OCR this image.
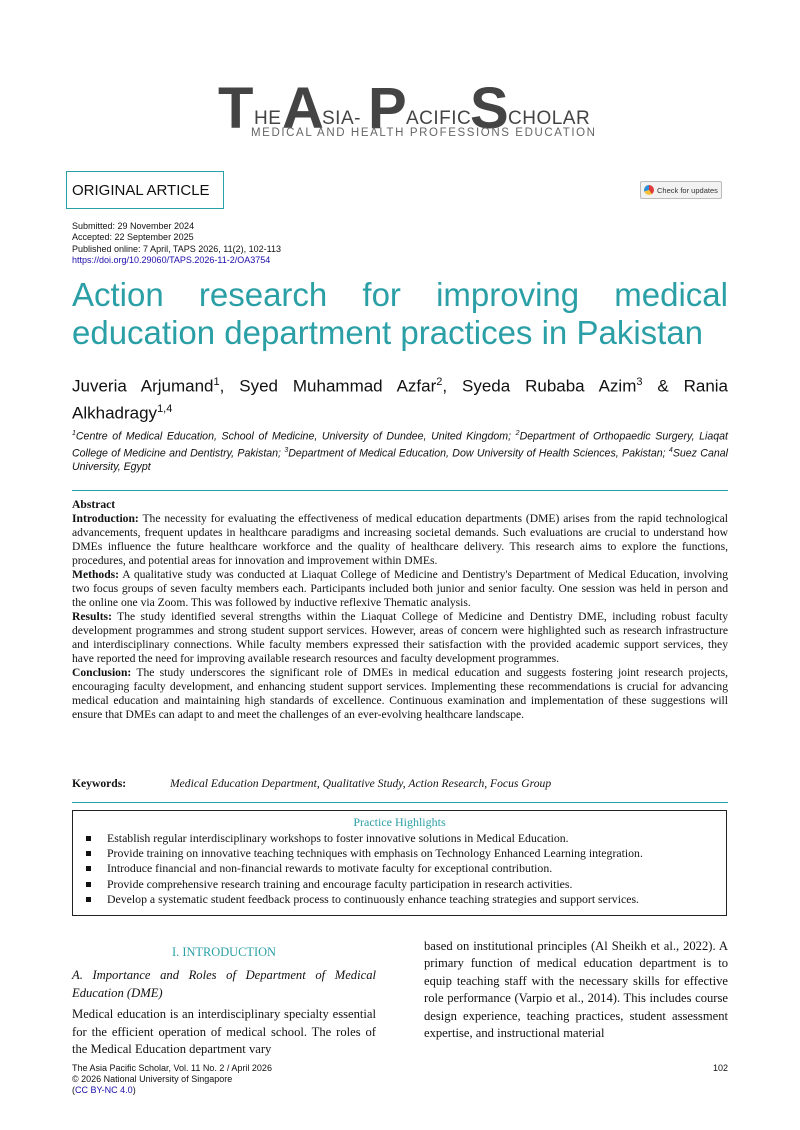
T HE A
SIA- P ACIFIC
S CHOLAR
MEDICAL AND HEALTH PROFESSIONS EDUCATION
ORIGINAL ARTICLE	Check for updates
Submitted: 29 November 2024
Accepted: 22 September 2025
Published online: 7 April, TAPS 2026, 11(2), 102-113
https://doi.org/10.29060/TAPS.2026-11-2/OA3754
Action research for improving medical
education department practices in Pakistan
Juveria Arjumand$^1$, Syed Muhammad Azfar$^2$, Syeda Rubaba Azim$^3$ & Rania Alkhadragy$^{1,4}$
$^1$Centre of Medical Education, School of Medicine, University of Dundee, United Kingdom; $^2$Department of Orthopaedic Surgery, Liaqat College of Medicine and Dentistry, Pakistan; $^3$Department of Medical Education, Dow University of Health Sciences, Pakistan; $^4$Suez Canal University, Egypt

Abstract

Introduction: The necessity for evaluating the effectiveness of medical education departments (DME) arises from the rapid technological advancements, frequent updates in healthcare paradigms and increasing societal demands. Such evaluations are crucial to understand how DMEs influence the future healthcare workforce and the quality of healthcare delivery. This research aims to explore the functions, procedures, and potential areas for innovation and improvement within DMEs.

Methods: A qualitative study was conducted at Liaquat College of Medicine and Dentistry's Department of Medical Education, involving two focus groups of seven faculty members each. Participants included both junior and senior faculty. One session was held in person and the online one via Zoom. This was followed by inductive reflexive Thematic analysis.

Results: The study identified several strengths within the Liaquat College of Medicine and Dentistry DME, including robust faculty development programmes and strong student support services. However, areas of concern were highlighted such as research infrastructure and interdisciplinary connections. While faculty members expressed their satisfaction with the provided academic support services, they have reported the need for improving available research resources and faculty development programmes.

Conclusion: The study underscores the significant role of DMEs in medical education and suggests fostering joint research projects, encouraging faculty development, and enhancing student support services. Implementing these recommendations is crucial for advancing medical education and maintaining high standards of excellence. Continuous examination and implementation of these suggestions will ensure that DMEs can adapt to and meet the challenges of an ever-evolving healthcare landscape.

Keywords:	Medical Education Department, Qualitative Study, Action Research, Focus Group
Practice Highlights
Establish regular interdisciplinary workshops to foster innovative solutions in Medical Education.
Provide training on innovative teaching techniques with emphasis on Technology Enhanced Learning integration.
Introduce financial and non-financial rewards to motivate faculty for exceptional contribution.
Provide comprehensive research training and encourage faculty participation in research activities.
Develop a systematic student feedback process to continuously enhance teaching strategies and support services.
I. INTRODUCTION
A. Importance and Roles of Department of Medical Education (DME)

Medical education is an interdisciplinary specialty essential for the efficient operation of medical school. The roles of the Medical Education department vary

based on institutional principles (Al Sheikh et al., 2022). A primary function of medical education department is to equip teaching staff with the necessary skills for effective role performance (Varpio et al., 2014). This includes course design experience, teaching practices, student assessment expertise, and instructional material

The Asia Pacific Scholar, Vol. 11 No. 2 / April 2026
© 2026 National University of Singapore
(CC BY-NC 4.0)
102
